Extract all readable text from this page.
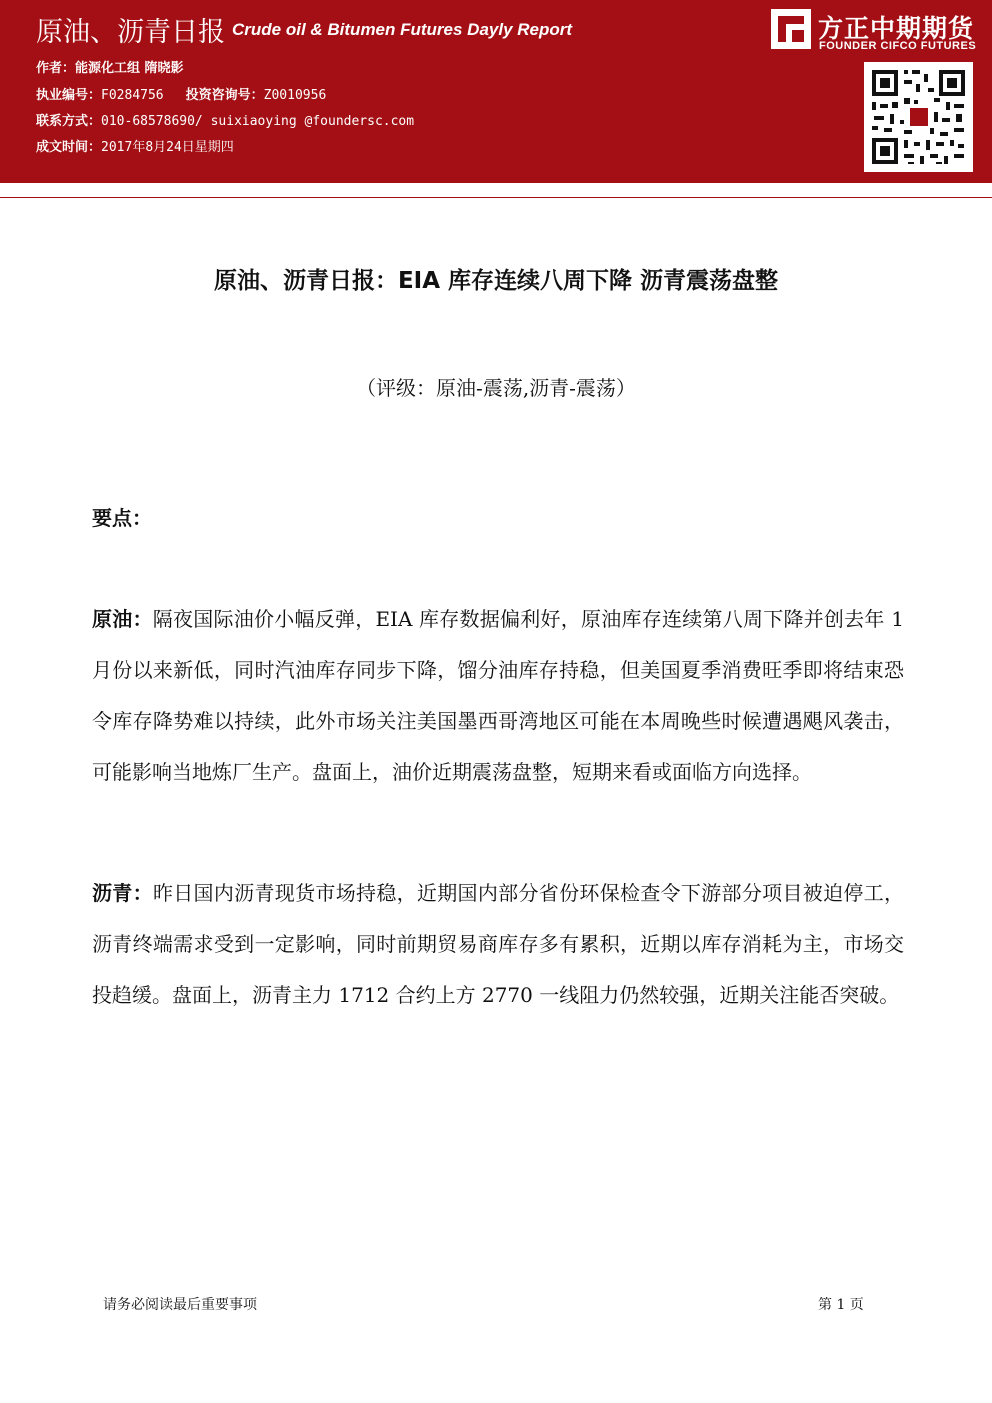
原油、沥青日报 Crude oil & Bitumen Futures Dayly Report
作者：能源化工组 隋晓影
执业编号：F0284756 投资咨询号：Z0010956
联系方式：010-68578690/ suixiaoying @foundersc.com
成文时间：2017年8月24日星期四
方正中期期货
FOUNDER CIFCO FUTURES
原油、沥青日报：EIA 库存连续八周下降 沥青震荡盘整
（评级：原油-震荡,沥青-震荡）
要点：
原油：隔夜国际油价小幅反弹，EIA 库存数据偏利好，原油库存连续第八周下降并创去年 1 月份以来新低，同时汽油库存同步下降，馏分油库存持稳，但美国夏季消费旺季即将结束恐令库存降势难以持续，此外市场关注美国墨西哥湾地区可能在本周晚些时候遭遇飓风袭击，可能影响当地炼厂生产。盘面上，油价近期震荡盘整，短期来看或面临方向选择。
沥青：昨日国内沥青现货市场持稳，近期国内部分省份环保检查令下游部分项目被迫停工，沥青终端需求受到一定影响，同时前期贸易商库存多有累积，近期以库存消耗为主，市场交投趋缓。盘面上，沥青主力 1712 合约上方 2770 一线阻力仍然较强，近期关注能否突破。
请务必阅读最后重要事项	第 1 页
